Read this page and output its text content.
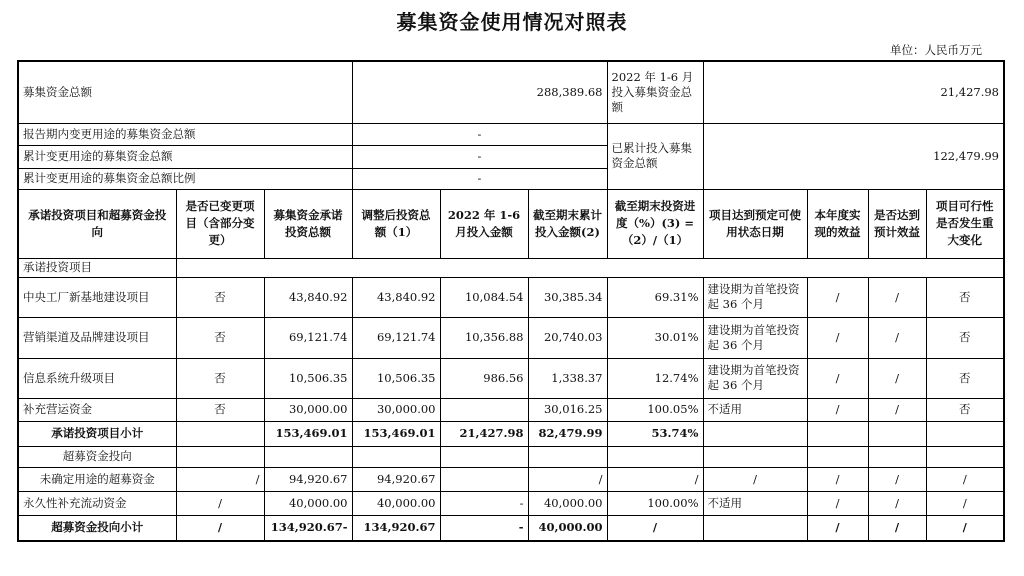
募集资金使用情况对照表
单位：人民币万元
募集资金总额			288,389.68			2022 年 1-6 月投入募集资金总额	21,427.98			
报告期内变更用途的募集资金总额			-			已累计投入募集资金总额	122,479.99			
累计变更用途的募集资金总额			-							
累计变更用途的募集资金总额比例			-							
承诺投资项目和超募资金投向	是否已变更项目（含部分变更）	募集资金承诺投资总额	调整后投资总额（1）	2022 年 1-6 月投入金额	截至期末累计投入金额(2)	截至期末投资进度（%）(3) =（2）/（1）	项目达到预定可使用状态日期	本年度实现的效益	是否达到预计效益	项目可行性是否发生重大变化
承诺投资项目										
中央工厂新基地建设项目	否	43,840.92	43,840.92	10,084.54	30,385.34	69.31%	建设期为首笔投资起 36 个月	/	/	否
营销渠道及品牌建设项目	否	69,121.74	69,121.74	10,356.88	20,740.03	30.01%	建设期为首笔投资起 36 个月	/	/	否
信息系统升级项目	否	10,506.35	10,506.35	986.56	1,338.37	12.74%	建设期为首笔投资起 36 个月	/	/	否
补充营运资金	否	30,000.00	30,000.00		30,016.25	100.05%	不适用	/	/	否
承诺投资项目小计		153,469.01	153,469.01	21,427.98	82,479.99	53.74%				
超募资金投向										
未确定用途的超募资金	/	94,920.67	94,920.67		/	/	/	/	/	/
永久性补充流动资金	/	40,000.00	40,000.00	-	40,000.00	100.00%	不适用	/	/	/
超募资金投向小计	/	134,920.67-	134,920.67	-	40,000.00	/		/	/	/
